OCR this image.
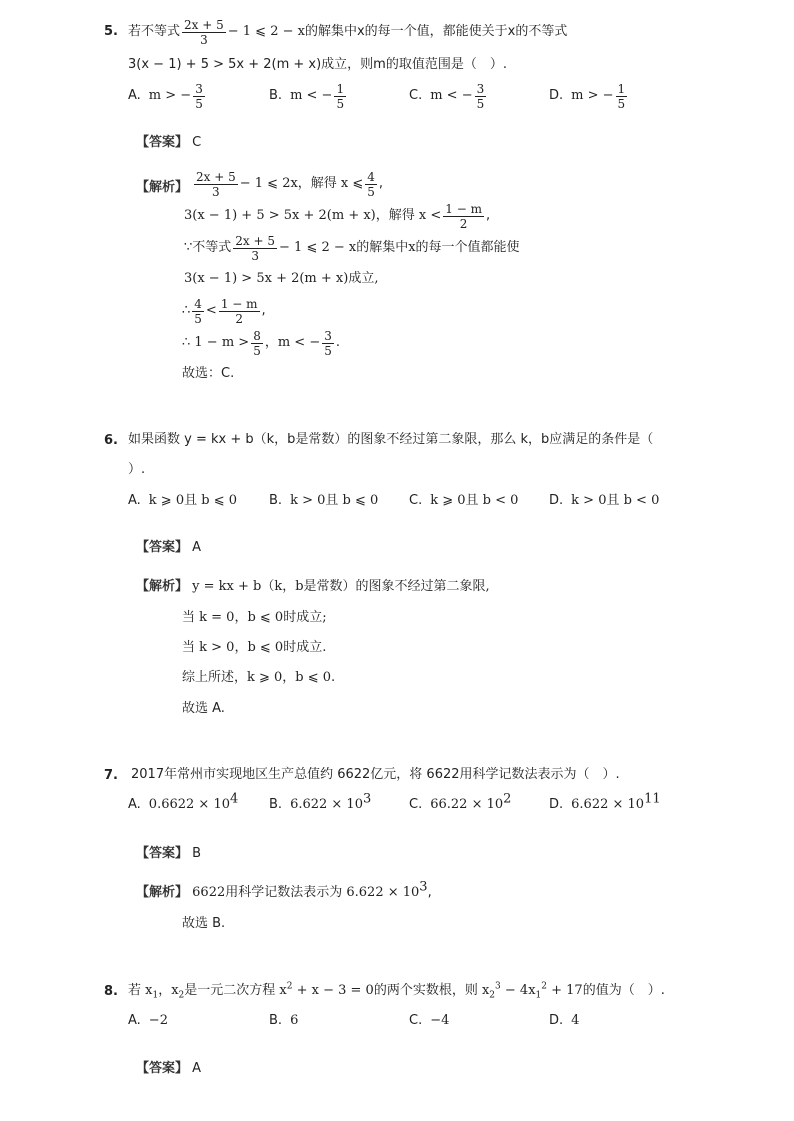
5. 若不等式 $\frac{2x + 5}{3} - 1$ ⩽ 2 − x的解集中 x的每一个值，都能使关于 x的不等式
3(x − 1) + 5 > 5x + 2(m + x)成立，则m的取值范围是（　）.
A. m > − $\frac{3}{5}$	B. m < − $\frac{1}{5}$	C. m < − $\frac{3}{5}$	D. m > − $\frac{1}{5}$
【答案】 C
【解析】 $\frac{2x + 5}{3} - 1$ ⩽ 2x，解得 x ⩽ $\frac{4}{5}$ ,
3(x − 1) + 5 > 5x + 2(m + x)，解得 $x < \frac{1 - m}{2}$ ,
∵不等式 $\frac{2x + 5}{3} - 1$ ⩽ 2 − x的解集中x的每一个值都能使
3(x − 1) > 5x + 2(m + x)成立,
∴ $\frac{4}{5} < \frac{1 - m}{2}$ ,
∴ $1 - m > \frac{8}{5}$ ，m < − $\frac{3}{5}$ .
故选：C.
6. 如果函数 y = kx + b（k，b是常数）的图象不经过第二象限，那么 k，b应满足的条件是（
）.
A. k ⩾ 0且 b ⩽ 0 B. k > 0且 b ⩽ 0 C. k ⩾ 0且 b < 0 D. k > 0且 b < 0
【答案】 A
【解析】 y = kx + b（k，b是常数）的图象不经过第二象限,
当 k = 0，b ⩽ 0时成立;
当 k > 0，b ⩽ 0时成立.
综上所述，k ⩾ 0，b ⩽ 0.
故选 A.
7. 2017年常州市实现地区生产总值约 6622亿元，将 6622用科学记数法表示为（　）.
A. $0.6622 \times 10^4$ B. $6.622 \times 10^3$	C. $66.22 \times 10^2$	D. $6.622 \times 10^{11}$
【答案】 B
【解析】 6622用科学记数法表示为 $6.622 \times 10^3$,
故选 B.
8. 若 $x_1$，$x_2$是一元二次方程 $x^2 + x - 3 = 0$的两个实数根，则 $x_2^3 - 4x_1^2 + 17$的值为（　）.
A. −2	B. 6	C. −4	D. 4
【答案】 A
